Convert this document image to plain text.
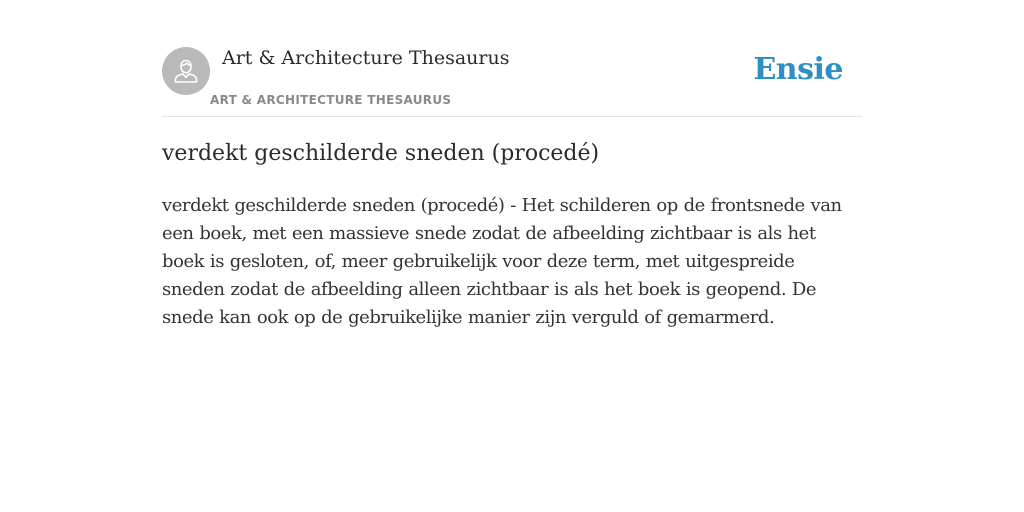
Art & Architecture Thesaurus
ART & ARCHITECTURE THESAURUS
Ensie
verdekt geschilderde sneden (procedé)

verdekt geschilderde sneden (procedé) - Het schilderen op de frontsnede van een boek, met een massieve snede zodat de afbeelding zichtbaar is als het boek is gesloten, of, meer gebruikelijk voor deze term, met uitgespreide sneden zodat de afbeelding alleen zichtbaar is als het boek is geopend. De snede kan ook op de gebruikelijke manier zijn verguld of gemarmerd.
